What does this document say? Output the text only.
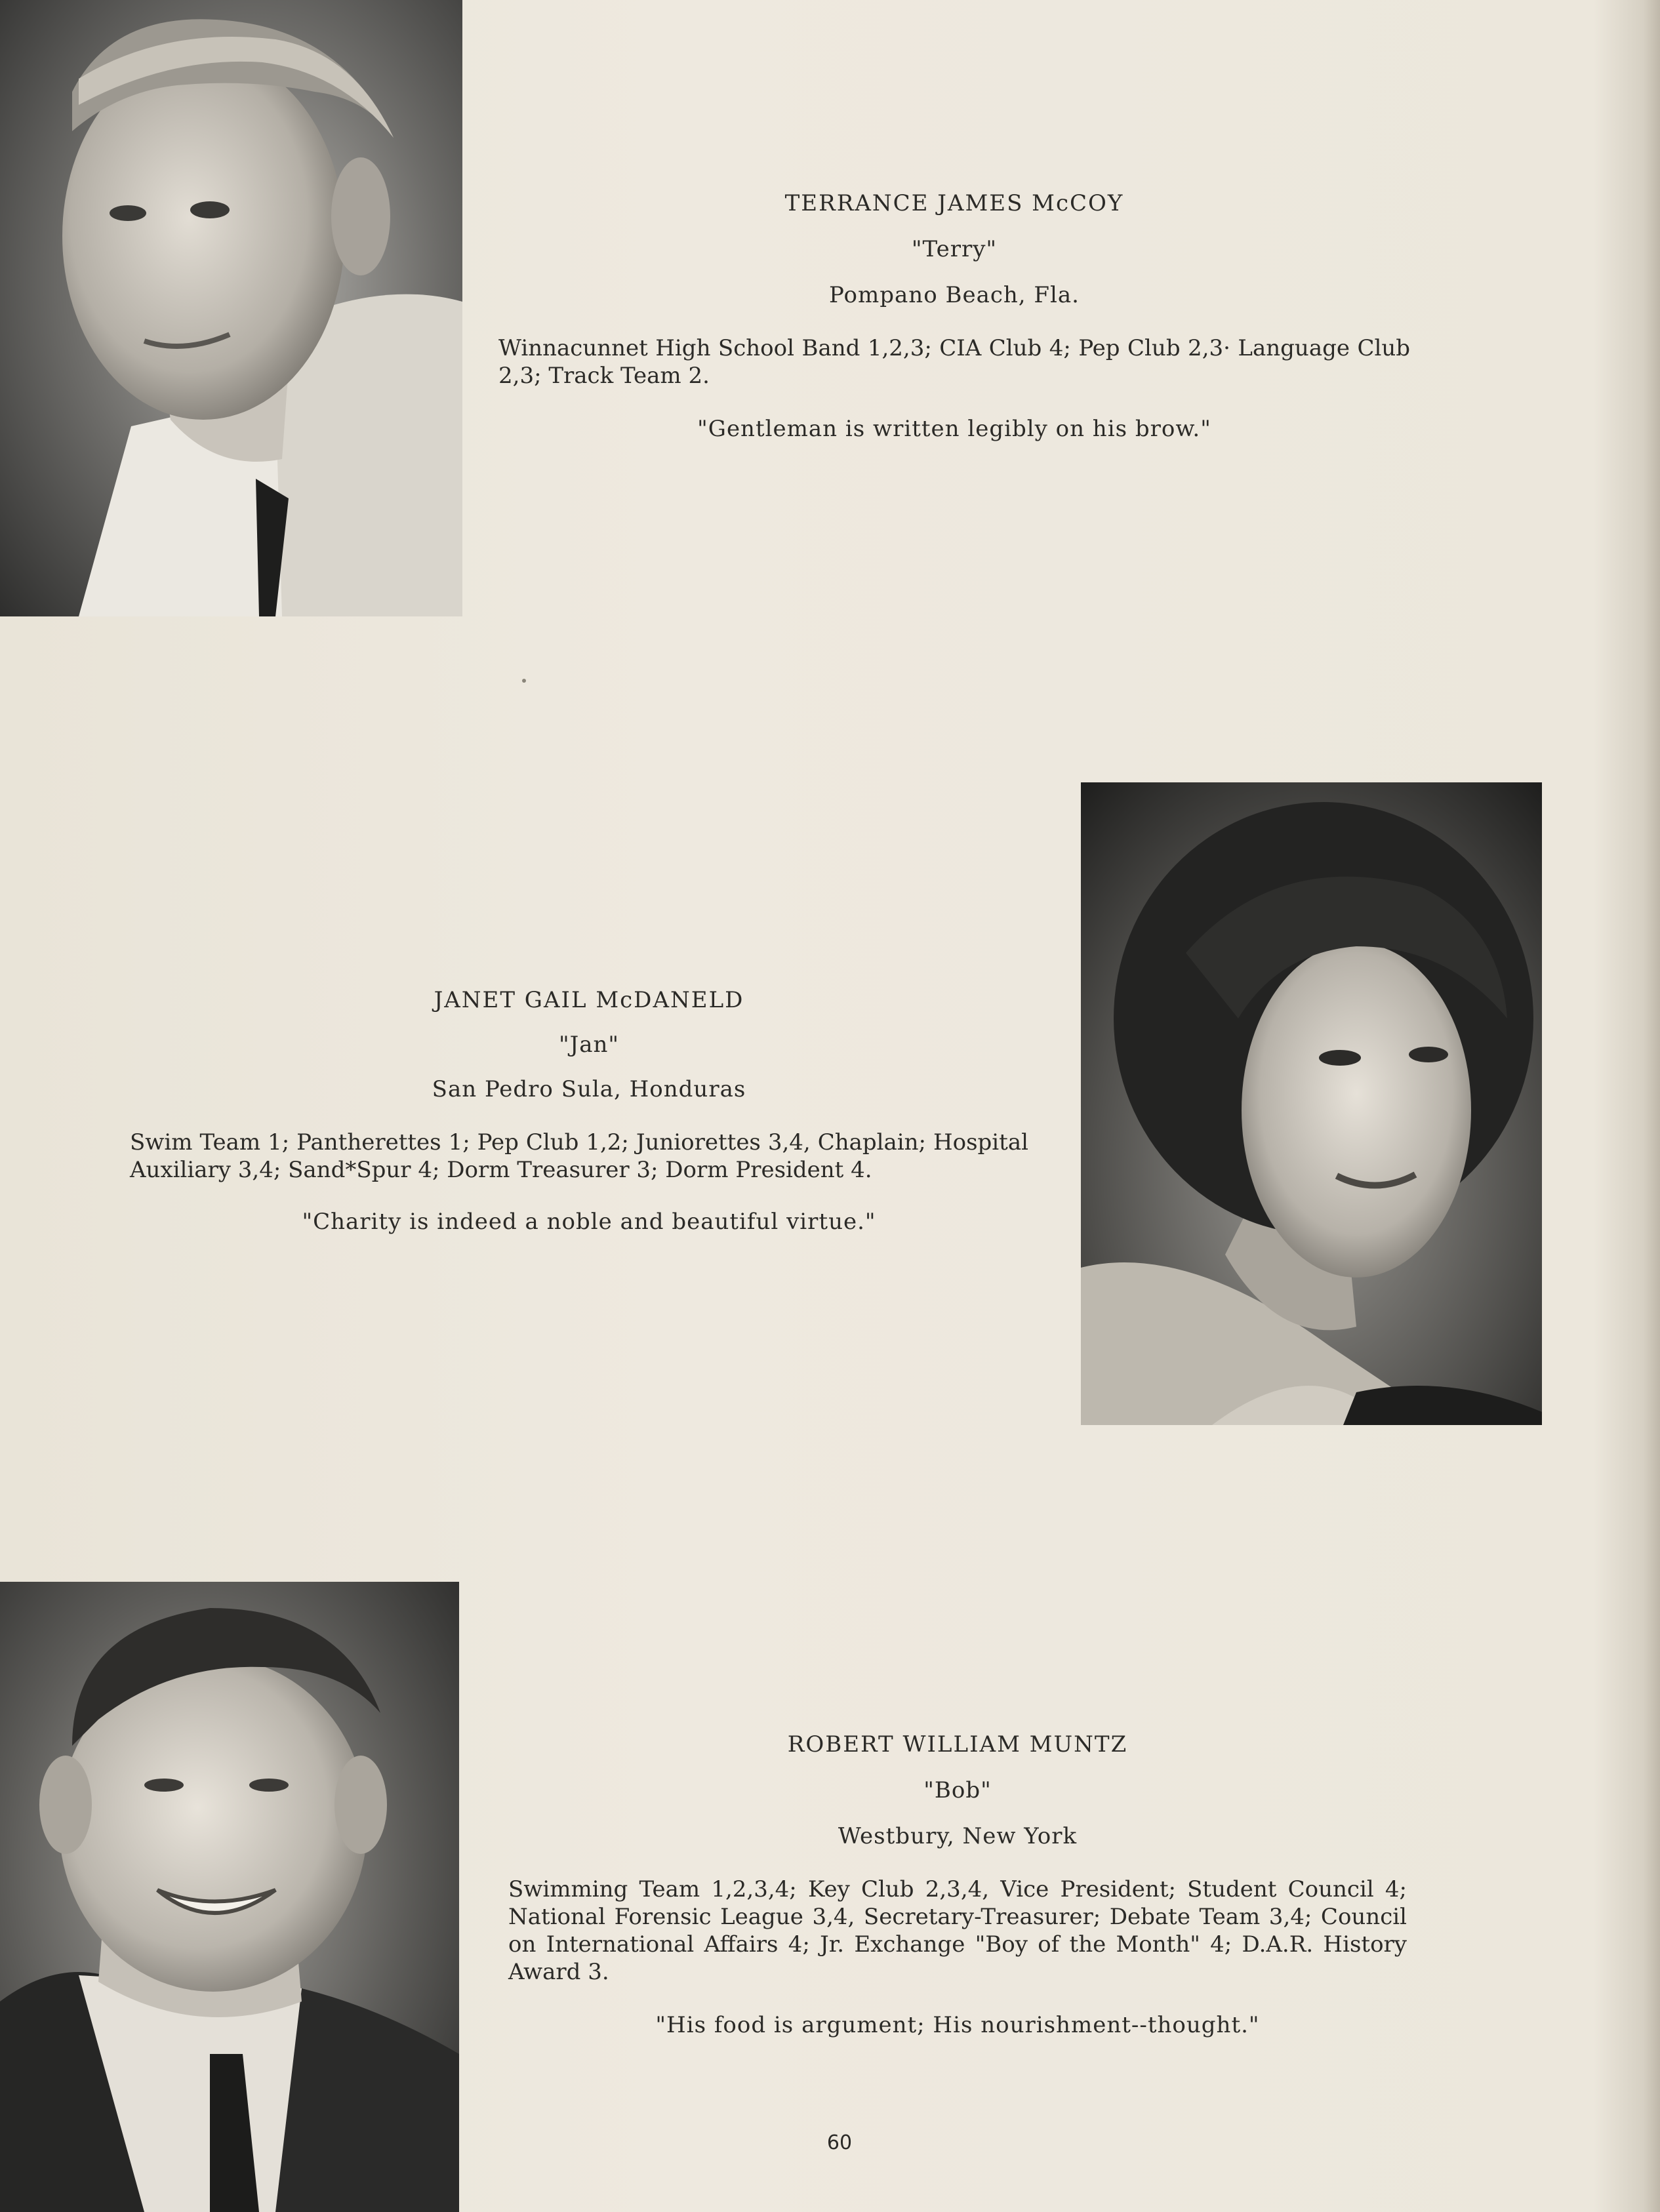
TERRANCE JAMES McCOY

"Terry"

Pompano Beach, Fla.

Winnacunnet High School Band 1,2,3; CIA Club 4; Pep Club 2,3· Language Club 2,3; Track Team 2.

"Gentleman is written legibly on his brow."

JANET GAIL McDANELD

"Jan"

San Pedro Sula, Honduras

Swim Team 1; Pantherettes 1; Pep Club 1,2; Juniorettes 3,4, Chaplain; Hospital Auxiliary 3,4; Sand*Spur 4; Dorm Treasurer 3; Dorm President 4.

"Charity is indeed a noble and beautiful virtue."

ROBERT WILLIAM MUNTZ

"Bob"

Westbury, New York

Swimming Team 1,2,3,4; Key Club 2,3,4, Vice President; Student Council 4; National Forensic League 3,4, Secretary-Treasurer; Debate Team 3,4; Council on International Affairs 4; Jr. Exchange "Boy of the Month" 4; D.A.R. History Award 3.

"His food is argument; His nourishment--thought."

60
